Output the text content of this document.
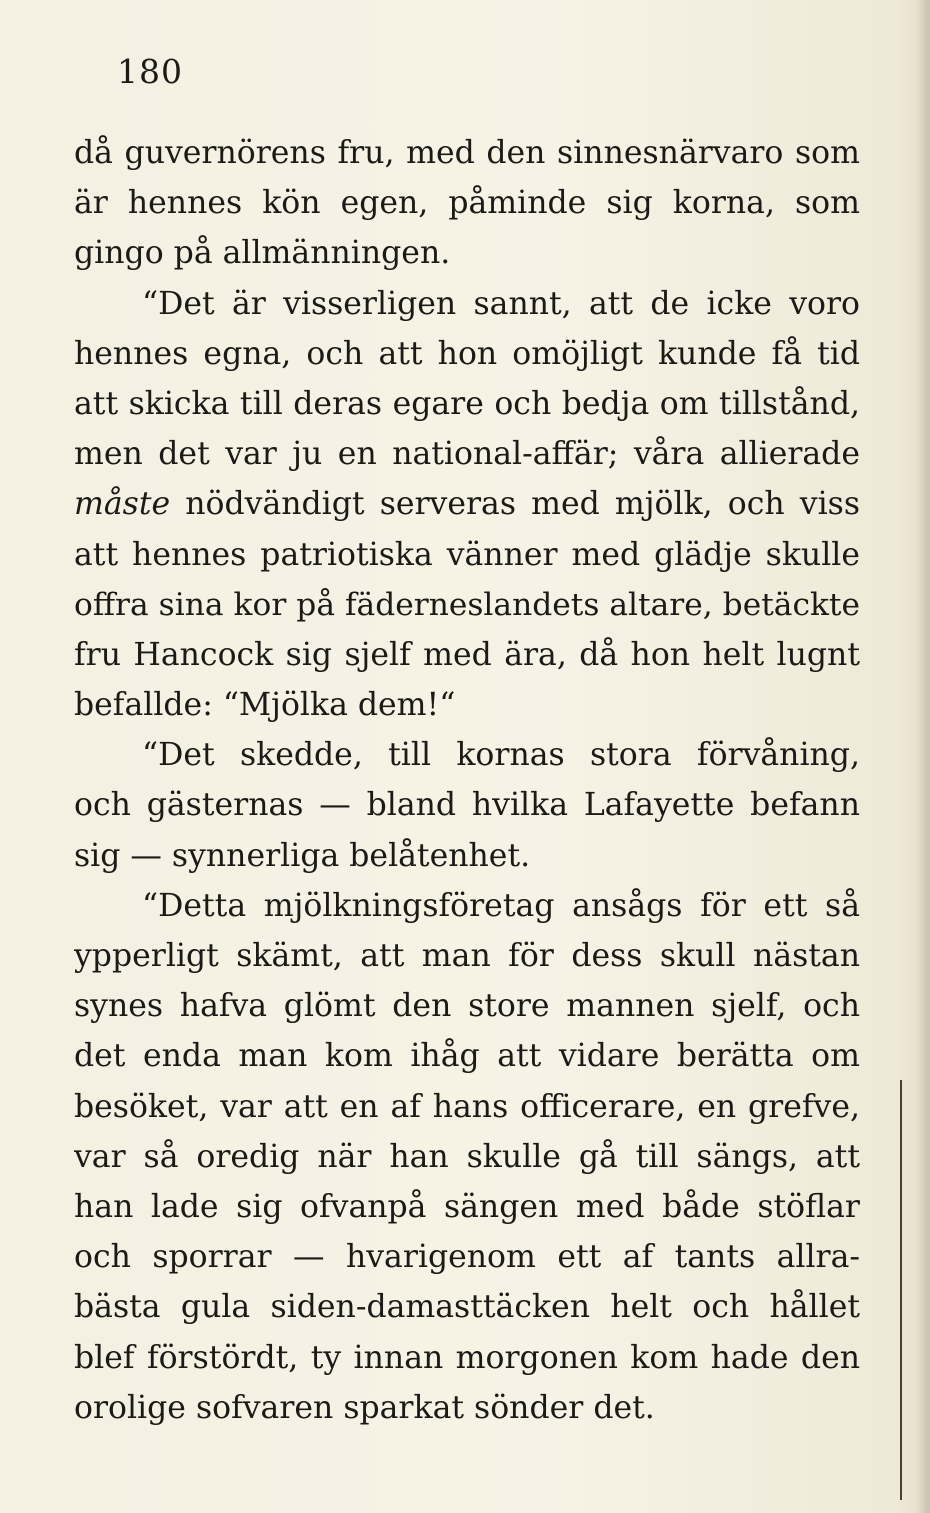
180
då guvernörens fru, med den sinnesnärvaro som
är hennes kön egen, påminde sig korna, som
gingo på allmänningen.
“Det är visserligen sannt, att de icke voro
hennes egna, och att hon omöjligt kunde få tid
att skicka till deras egare och bedja om tillstånd,
men det var ju en national-affär; våra allierade
måste nödvändigt serveras med mjölk, och viss
att hennes patriotiska vänner med glädje skulle
offra sina kor på fäderneslandets altare, betäckte
fru Hancock sig sjelf med ära, då hon helt lugnt
befallde: “Mjölka dem!“
“Det skedde, till kornas stora förvåning,
och gästernas — bland hvilka Lafayette befann
sig — synnerliga belåtenhet.
“Detta mjölkningsföretag ansågs för ett så
ypperligt skämt, att man för dess skull nästan
synes hafva glömt den store mannen sjelf, och
det enda man kom ihåg att vidare berätta om
besöket, var att en af hans officerare, en grefve,
var så oredig när han skulle gå till sängs, att
han lade sig ofvanpå sängen med både stöflar
och sporrar — hvarigenom ett af tants allra-
bästa gula siden-damasttäcken helt och hållet
blef förstördt, ty innan morgonen kom hade den
orolige sofvaren sparkat sönder det.
